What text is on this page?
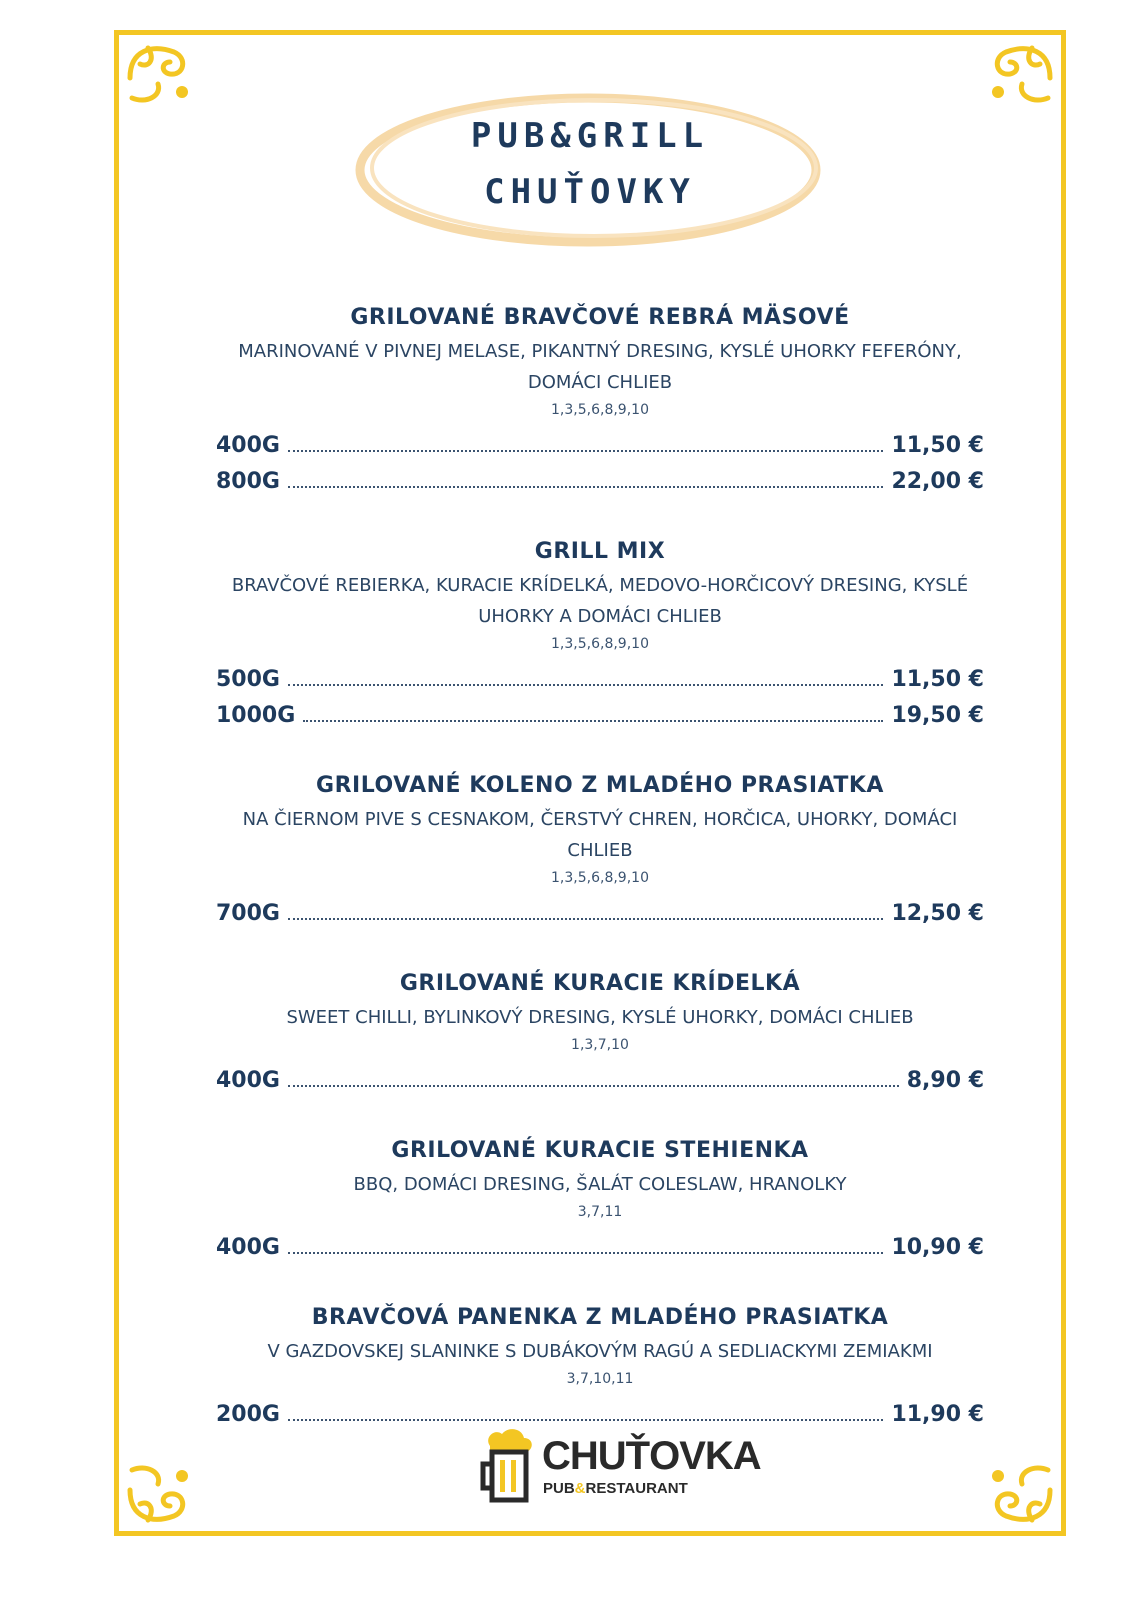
PUB&GRILL
CHUŤOVKY
GRILOVANÉ BRAVČOVÉ REBRÁ MÄSOVÉ
MARINOVANÉ V PIVNEJ MELASE, PIKANTNÝ DRESING, KYSLÉ UHORKY FEFERÓNY, DOMÁCI CHLIEB
1,3,5,6,8,9,10
400G	11,50 €
800G	22,00 €
GRILL MIX
BRAVČOVÉ REBIERKA, KURACIE KRÍDELKÁ, MEDOVO-HORČICOVÝ DRESING, KYSLÉ UHORKY A DOMÁCI CHLIEB
1,3,5,6,8,9,10
500G	11,50 €
1000G	19,50 €
GRILOVANÉ KOLENO Z MLADÉHO PRASIATKA
NA ČIERNOM PIVE S CESNAKOM, ČERSTVÝ CHREN, HORČICA, UHORKY, DOMÁCI CHLIEB
1,3,5,6,8,9,10
700G	12,50 €
GRILOVANÉ KURACIE KRÍDELKÁ
SWEET CHILLI, BYLINKOVÝ DRESING, KYSLÉ UHORKY, DOMÁCI CHLIEB
1,3,7,10
400G	8,90 €
GRILOVANÉ KURACIE STEHIENKA
BBQ, DOMÁCI DRESING, ŠALÁT COLESLAW, HRANOLKY
3,7,11
400G	10,90 €
BRAVČOVÁ PANENKA Z MLADÉHO PRASIATKA
V GAZDOVSKEJ SLANINKE S DUBÁKOVÝM RAGÚ A SEDLIACKYMI ZEMIAKMI
3,7,10,11
200G	11,90 €
CHUŤOVKA
PUB&RESTAURANT
